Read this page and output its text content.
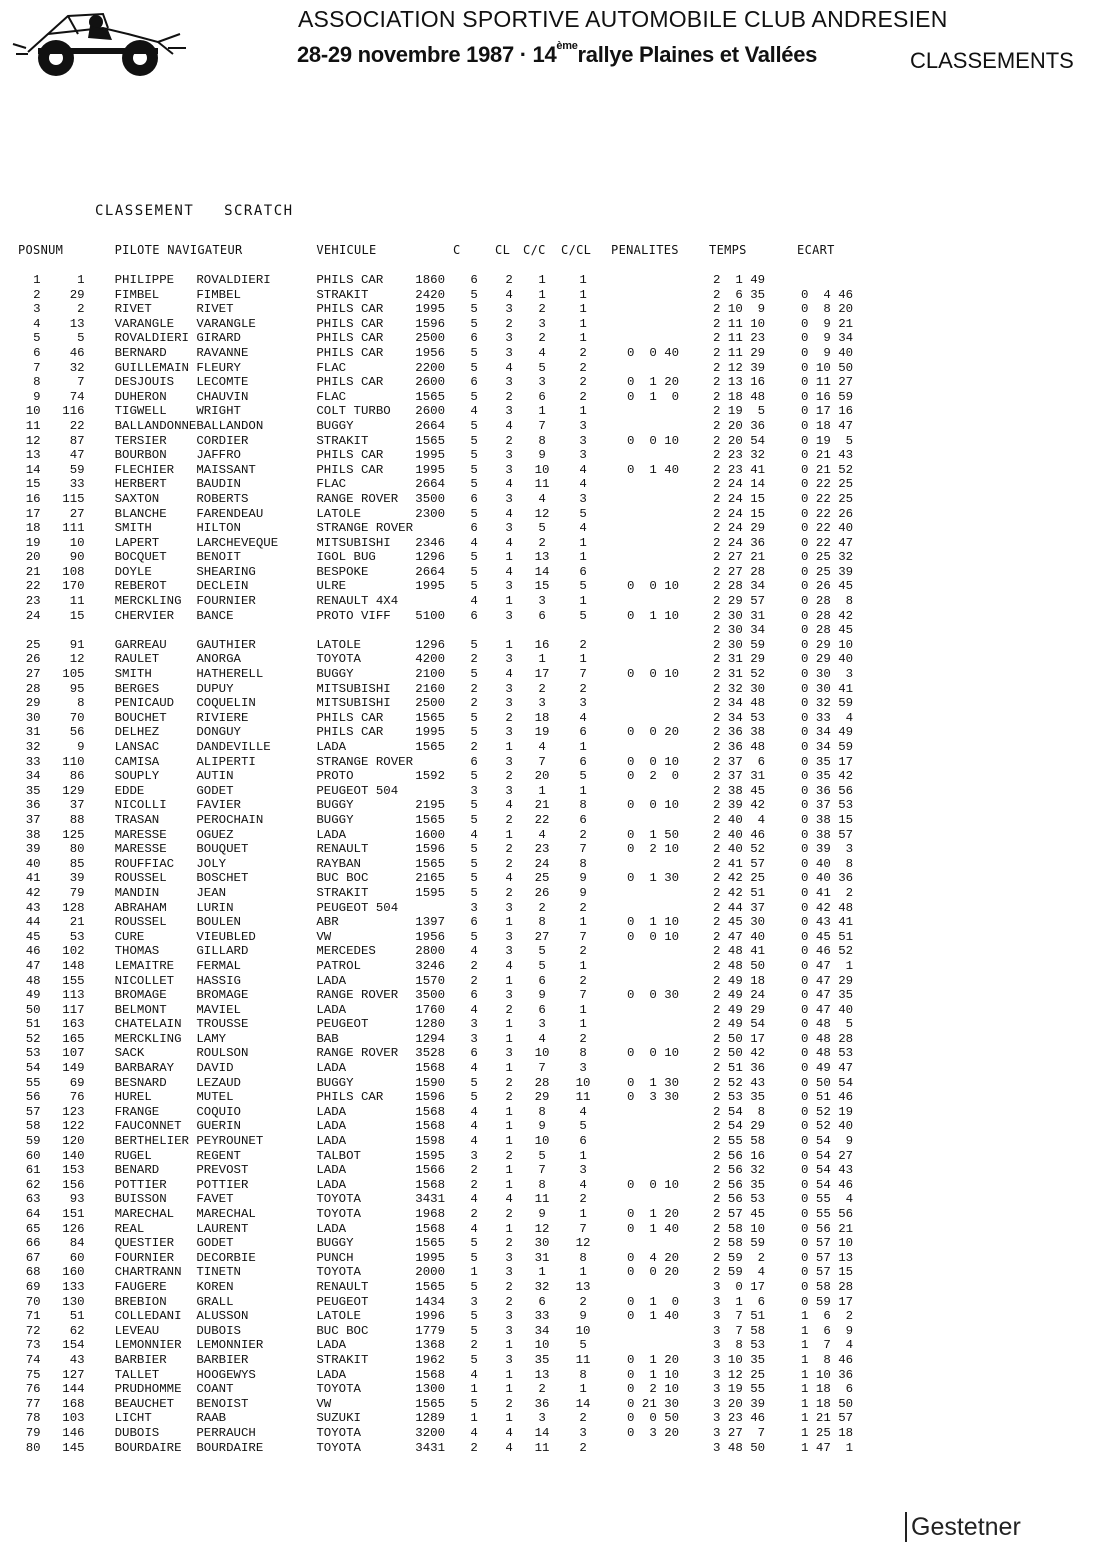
ASSOCIATION SPORTIVE AUTOMOBILE CLUB ANDRESIEN
28-29 novembre 1987 · 14èmerallye Plaines et Vallées	CLASSEMENTS
CLASSEMENT   SCRATCH
POS	NUM	PILOTE NAVIGATEUR		VEHICULE		C	CL	C/C	C/CL	PENALITES	TEMPS	ECART
1	1	PHILIPPE	ROVALDIERI	PHILS CAR	1860	6	2	1	1		2  1 49	
2	29	FIMBEL	FIMBEL	STRAKIT	2420	5	4	1	1		2  6 35	0  4 46
3	2	RIVET	RIVET	PHILS CAR	1995	5	3	2	1		2 10  9	0  8 20
4	13	VARANGLE	VARANGLE	PHILS CAR	1596	5	2	3	1		2 11 10	0  9 21
5	5	ROVALDIERI	GIRARD	PHILS CAR	2500	6	3	2	1		2 11 23	0  9 34
6	46	BERNARD	RAVANNE	PHILS CAR	1956	5	3	4	2	0  0 40	2 11 29	0  9 40
7	32	GUILLEMAIN	FLEURY	FLAC	2200	5	4	5	2		2 12 39	0 10 50
8	7	DESJOUIS	LECOMTE	PHILS CAR	2600	6	3	3	2	0  1 20	2 13 16	0 11 27
9	74	DUHERON	CHAUVIN	FLAC	1565	5	2	6	2	0  1  0	2 18 48	0 16 59
10	116	TIGWELL	WRIGHT	COLT TURBO	2600	4	3	1	1		2 19  5	0 17 16
11	22	BALLANDONNE	BALLANDON	BUGGY	2664	5	4	7	3		2 20 36	0 18 47
12	87	TERSIER	CORDIER	STRAKIT	1565	5	2	8	3	0  0 10	2 20 54	0 19  5
13	47	BOURBON	JAFFRO	PHILS CAR	1995	5	3	9	3		2 23 32	0 21 43
14	59	FLECHIER	MAISSANT	PHILS CAR	1995	5	3	10	4	0  1 40	2 23 41	0 21 52
15	33	HERBERT	BAUDIN	FLAC	2664	5	4	11	4		2 24 14	0 22 25
16	115	SAXTON	ROBERTS	RANGE ROVER	3500	6	3	4	3		2 24 15	0 22 25
17	27	BLANCHE	FARENDEAU	LATOLE	2300	5	4	12	5		2 24 15	0 22 26
18	111	SMITH	HILTON	STRANGE ROVER		6	3	5	4		2 24 29	0 22 40
19	10	LAPERT	LARCHEVEQUE	MITSUBISHI	2346	4	4	2	1		2 24 36	0 22 47
20	90	BOCQUET	BENOIT	IGOL BUG	1296	5	1	13	1		2 27 21	0 25 32
21	108	DOYLE	SHEARING	BESPOKE	2664	5	4	14	6		2 27 28	0 25 39
22	170	REBEROT	DECLEIN	ULRE	1995	5	3	15	5	0  0 10	2 28 34	0 26 45
23	11	MERCKLING	FOURNIER	RENAULT 4X4		4	1	3	1		2 29 57	0 28  8
24	15	CHERVIER	BANCE	PROTO VIFF	5100	6	3	6	5	0  1 10	2 30 31	0 28 42
											2 30 34	0 28 45
25	91	GARREAU	GAUTHIER	LATOLE	1296	5	1	16	2		2 30 59	0 29 10
26	12	RAULET	ANORGA	TOYOTA	4200	2	3	1	1		2 31 29	0 29 40
27	105	SMITH	HATHERELL	BUGGY	2100	5	4	17	7	0  0 10	2 31 52	0 30  3
28	95	BERGES	DUPUY	MITSUBISHI	2160	2	3	2	2		2 32 30	0 30 41
29	8	PENICAUD	COQUELIN	MITSUBISHI	2500	2	3	3	3		2 34 48	0 32 59
30	70	BOUCHET	RIVIERE	PHILS CAR	1565	5	2	18	4		2 34 53	0 33  4
31	56	DELHEZ	DONGUY	PHILS CAR	1995	5	3	19	6	0  0 20	2 36 38	0 34 49
32	9	LANSAC	DANDEVILLE	LADA	1565	2	1	4	1		2 36 48	0 34 59
33	110	CAMISA	ALIPERTI	STRANGE ROVER		6	3	7	6	0  0 10	2 37  6	0 35 17
34	86	SOUPLY	AUTIN	PROTO	1592	5	2	20	5	0  2  0	2 37 31	0 35 42
35	129	EDDE	GODET	PEUGEOT 504		3	3	1	1		2 38 45	0 36 56
36	37	NICOLLI	FAVIER	BUGGY	2195	5	4	21	8	0  0 10	2 39 42	0 37 53
37	88	TRASAN	PEROCHAIN	BUGGY	1565	5	2	22	6		2 40  4	0 38 15
38	125	MARESSE	OGUEZ	LADA	1600	4	1	4	2	0  1 50	2 40 46	0 38 57
39	80	MARESSE	BOUQUET	RENAULT	1596	5	2	23	7	0  2 10	2 40 52	0 39  3
40	85	ROUFFIAC	JOLY	RAYBAN	1565	5	2	24	8		2 41 57	0 40  8
41	39	ROUSSEL	BOSCHET	BUC BOC	2165	5	4	25	9	0  1 30	2 42 25	0 40 36
42	79	MANDIN	JEAN	STRAKIT	1595	5	2	26	9		2 42 51	0 41  2
43	128	ABRAHAM	LURIN	PEUGEOT 504		3	3	2	2		2 44 37	0 42 48
44	21	ROUSSEL	BOULEN	ABR	1397	6	1	8	1	0  1 10	2 45 30	0 43 41
45	53	CURE	VIEUBLED	VW	1956	5	3	27	7	0  0 10	2 47 40	0 45 51
46	102	THOMAS	GILLARD	MERCEDES	2800	4	3	5	2		2 48 41	0 46 52
47	148	LEMAITRE	FERMAL	PATROL	3246	2	4	5	1		2 48 50	0 47  1
48	155	NICOLLET	HASSIG	LADA	1570	2	1	6	2		2 49 18	0 47 29
49	113	BROMAGE	BROMAGE	RANGE ROVER	3500	6	3	9	7	0  0 30	2 49 24	0 47 35
50	117	BELMONT	MAVIEL	LADA	1760	4	2	6	1		2 49 29	0 47 40
51	163	CHATELAIN	TROUSSE	PEUGEOT	1280	3	1	3	1		2 49 54	0 48  5
52	165	MERCKLING	LAMY	BAB	1294	3	1	4	2		2 50 17	0 48 28
53	107	SACK	ROULSON	RANGE ROVER	3528	6	3	10	8	0  0 10	2 50 42	0 48 53
54	149	BARBARAY	DAVID	LADA	1568	4	1	7	3		2 51 36	0 49 47
55	69	BESNARD	LEZAUD	BUGGY	1590	5	2	28	10	0  1 30	2 52 43	0 50 54
56	76	HUREL	MUTEL	PHILS CAR	1596	5	2	29	11	0  3 30	2 53 35	0 51 46
57	123	FRANGE	COQUIO	LADA	1568	4	1	8	4		2 54  8	0 52 19
58	122	FAUCONNET	GUERIN	LADA	1568	4	1	9	5		2 54 29	0 52 40
59	120	BERTHELIER	PEYROUNET	LADA	1598	4	1	10	6		2 55 58	0 54  9
60	140	RUGEL	REGENT	TALBOT	1595	3	2	5	1		2 56 16	0 54 27
61	153	BENARD	PREVOST	LADA	1566	2	1	7	3		2 56 32	0 54 43
62	156	POTTIER	POTTIER	LADA	1568	2	1	8	4	0  0 10	2 56 35	0 54 46
63	93	BUISSON	FAVET	TOYOTA	3431	4	4	11	2		2 56 53	0 55  4
64	151	MARECHAL	MARECHAL	TOYOTA	1968	2	2	9	1	0  1 20	2 57 45	0 55 56
65	126	REAL	LAURENT	LADA	1568	4	1	12	7	0  1 40	2 58 10	0 56 21
66	84	QUESTIER	GODET	BUGGY	1565	5	2	30	12		2 58 59	0 57 10
67	60	FOURNIER	DECORBIE	PUNCH	1995	5	3	31	8	0  4 20	2 59  2	0 57 13
68	160	CHARTRANN	TINETN	TOYOTA	2000	1	3	1	1	0  0 20	2 59  4	0 57 15
69	133	FAUGERE	KOREN	RENAULT	1565	5	2	32	13		3  0 17	0 58 28
70	130	BREBION	GRALL	PEUGEOT	1434	3	2	6	2	0  1  0	3  1  6	0 59 17
71	51	COLLEDANI	ALUSSON	LATOLE	1996	5	3	33	9	0  1 40	3  7 51	1  6  2
72	62	LEVEAU	DUBOIS	BUC BOC	1779	5	3	34	10		3  7 58	1  6  9
73	154	LEMONNIER	LEMONNIER	LADA	1368	2	1	10	5		3  8 53	1  7  4
74	43	BARBIER	BARBIER	STRAKIT	1962	5	3	35	11	0  1 20	3 10 35	1  8 46
75	127	TALLET	HOOGEWYS	LADA	1568	4	1	13	8	0  1 10	3 12 25	1 10 36
76	144	PRUDHOMME	COANT	TOYOTA	1300	1	1	2	1	0  2 10	3 19 55	1 18  6
77	168	BEAUCHET	BENOIST	VW	1565	5	2	36	14	0 21 30	3 20 39	1 18 50
78	103	LICHT	RAAB	SUZUKI	1289	1	1	3	2	0  0 50	3 23 46	1 21 57
79	146	DUBOIS	PERRAUCH	TOYOTA	3200	4	4	14	3	0  3 20	3 27  7	1 25 18
80	145	BOURDAIRE	BOURDAIRE	TOYOTA	3431	2	4	11	2		3 48 50	1 47  1
Gestetner
